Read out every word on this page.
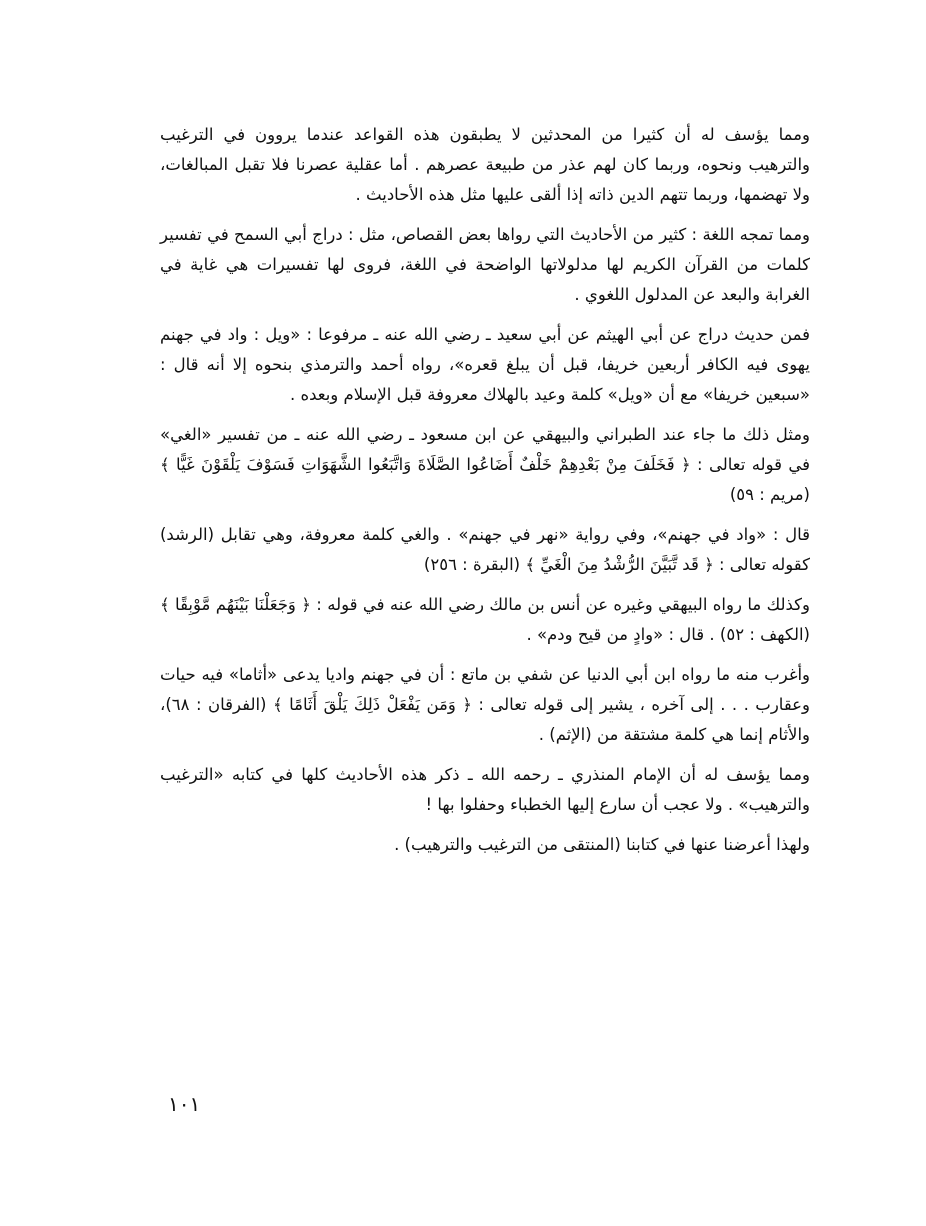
ومما يؤسف له أن كثيرا من المحدثين لا يطبقون هذه القواعد عندما يروون في الترغيب والترهيب ونحوه، وربما كان لهم عذر من طبيعة عصرهم . أما عقلية عصرنا فلا تقبل المبالغات، ولا تهضمها، وربما تتهم الدين ذاته إذا ألقى عليها مثل هذه الأحاديث .

ومما تمجه اللغة : كثير من الأحاديث التي رواها بعض القصاص، مثل : دراج أبي السمح في تفسير كلمات من القرآن الكريم لها مدلولاتها الواضحة في اللغة، فروى لها تفسيرات هي غاية في الغرابة والبعد عن المدلول اللغوي .

فمن حديث دراج عن أبي الهيثم عن أبي سعيد ـ رضي الله عنه ـ مرفوعا : «ويل : واد في جهنم يهوى فيه الكافر أربعين خريفا، قبل أن يبلغ قعره»، رواه أحمد والترمذي بنحوه إلا أنه قال : «سبعين خريفا» مع أن «ويل» كلمة وعيد بالهلاك معروفة قبل الإسلام وبعده .

ومثل ذلك ما جاء عند الطبراني والبيهقي عن ابن مسعود ـ رضي الله عنه ـ من تفسير «الغي» في قوله تعالى : ﴿ فَخَلَفَ مِنْ بَعْدِهِمْ خَلْفٌ أَضَاعُوا الصَّلَاةَ وَاتَّبَعُوا الشَّهَوَاتِ فَسَوْفَ يَلْقَوْنَ غَيًّا ﴾ (مريم : ٥٩)

قال : «واد في جهنم»، وفي رواية «نهر في جهنم» . والغي كلمة معروفة، وهي تقابل (الرشد) كقوله تعالى : ﴿ قَد تَّبَيَّنَ الرُّشْدُ مِنَ الْغَيِّ ﴾ (البقرة : ٢٥٦)

وكذلك ما رواه البيهقي وغيره عن أنس بن مالك رضي الله عنه في قوله : ﴿ وَجَعَلْنَا بَيْنَهُم مَّوْبِقًا ﴾ (الكهف : ٥٢) . قال : «وادٍ من قيح ودم» .

وأغرب منه ما رواه ابن أبي الدنيا عن شفي بن ماتع : أن في جهنم واديا يدعى «أثاما» فيه حيات وعقارب . . . إلى آخره ، يشير إلى قوله تعالى : ﴿ وَمَن يَفْعَلْ ذَلِكَ يَلْقَ أَثَامًا ﴾ (الفرقان : ٦٨)، والأثام إنما هي كلمة مشتقة من (الإثم) .

ومما يؤسف له أن الإمام المنذري ـ رحمه الله ـ ذكر هذه الأحاديث كلها في كتابه «الترغيب والترهيب» . ولا عجب أن سارع إليها الخطباء وحفلوا بها !

ولهذا أعرضنا عنها في كتابنا (المنتقى من الترغيب والترهيب) .

١٠١
